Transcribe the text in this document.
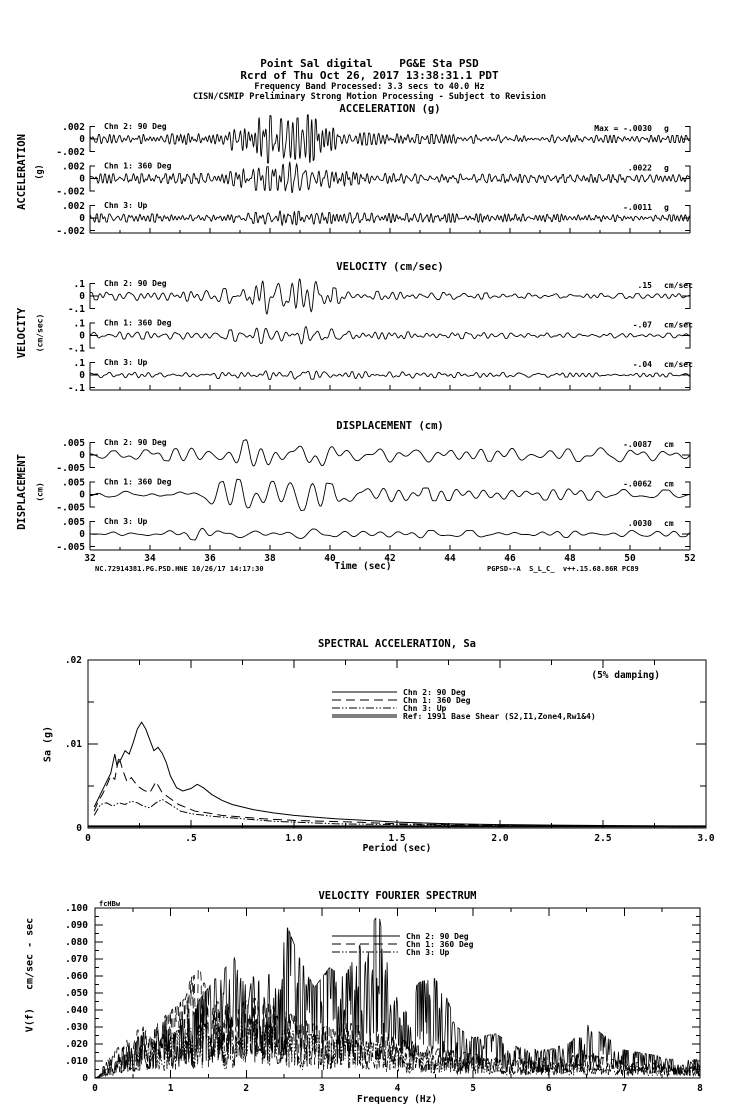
.002
0
-.002
Chn 2: 90 Deg	Max = -.0030 g
.002
0
-.002
Chn 1: 360 Deg	.0022 g
.002
0
-.002
Chn 3: Up	-.0011 g
.1
0
-.1
Chn 2: 90 Deg	.15 cm/sec
.1
0
-.1
Chn 1: 360 Deg	-.07 cm/sec
.1
0
-.1
Chn 3: Up	-.04 cm/sec
.005
0
-.005
Chn 2: 90 Deg	-.0087 cm
.005
0
-.005
Chn 1: 360 Deg	-.0062 cm
.005
0
-.005
Chn 3: Up	.0030 cm
32	34	36	38	40	42	44	46	48	50	52
0	.5	1.0	1.5	2.0	2.5	3.0
.02
.01
0
Chn 2: 90 Deg
Chn 1: 360 Deg
Chn 3: Up
Ref: 1991 Base Shear (S2,I1,Zone4,Rw1&4)
.100
.090
.080
.070
.060
.050
.040
.030
.020
.010
0
0	1	2	3	4	5	6	7	8
Chn 2: 90 Deg
Chn 1: 360 Deg
Chn 3: Up
Point Sal digital    PG&E Sta PSD
Rcrd of Thu Oct 26, 2017 13:38:31.1 PDT
Frequency Band Processed: 3.3 secs to 40.0 Hz
CISN/CSMIP Preliminary Strong Motion Processing - Subject to Revision
ACCELERATION (g)
VELOCITY (cm/sec)
DISPLACEMENT (cm)
SPECTRAL ACCELERATION, Sa
VELOCITY FOURIER SPECTRUM
ACCELERATION (g)
VELOCITY (cm/sec)
DISPLACEMENT (cm)
Sa (g)
V(f)   cm/sec - sec
Time (sec)
Period (sec)
Frequency (Hz)
NC.72914381.PG.PSD.HNE 10/26/17 14:17:30	PGPSD--A  S_L_C_  v++.15.68.86R PC89
(5% damping)
fcHBw
